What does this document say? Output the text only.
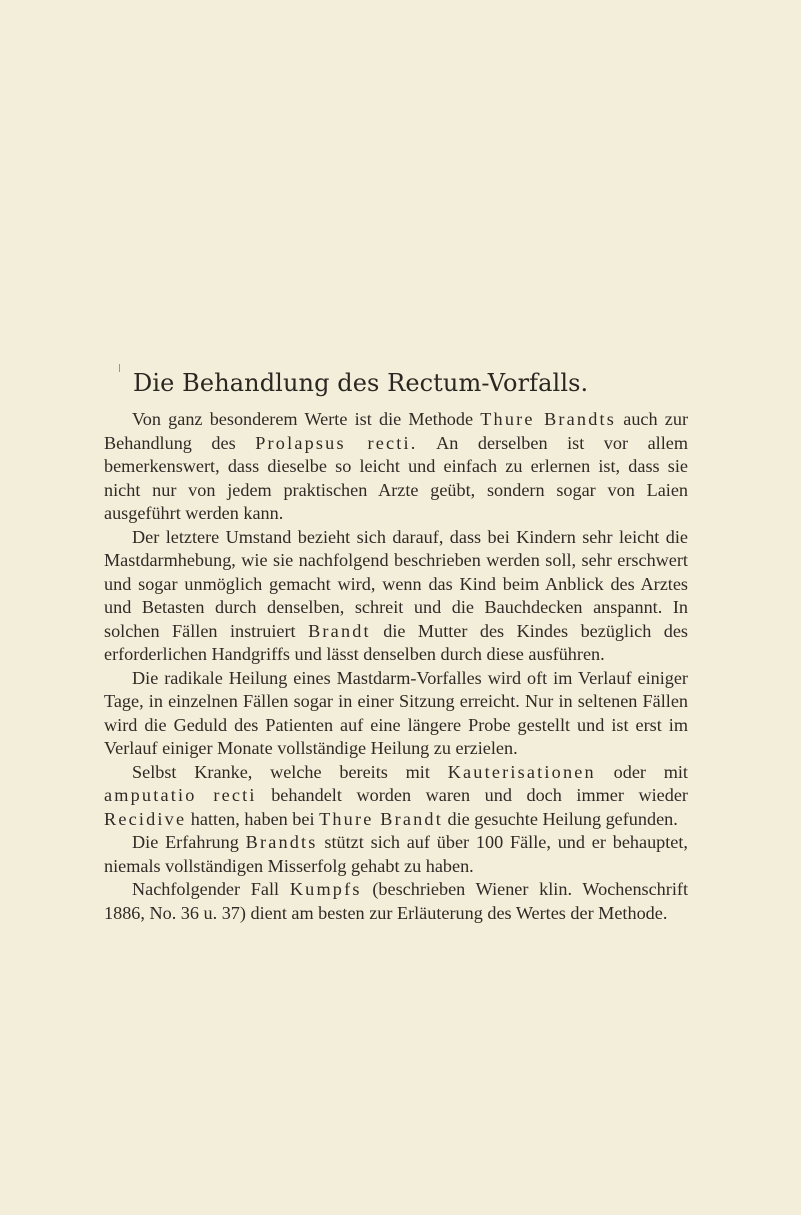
Die Behandlung des Rectum-Vorfalls.

Von ganz besonderem Werte ist die Methode Thure Brandts auch zur Behandlung des Prolapsus recti. An derselben ist vor allem bemerkenswert, dass dieselbe so leicht und einfach zu erlernen ist, dass sie nicht nur von jedem praktischen Arzte geübt, sondern sogar von Laien ausgeführt werden kann.

Der letztere Umstand bezieht sich darauf, dass bei Kindern sehr leicht die Mastdarmhebung, wie sie nachfolgend beschrieben werden soll, sehr erschwert und sogar unmöglich gemacht wird, wenn das Kind beim Anblick des Arztes und Betasten durch denselben, schreit und die Bauchdecken anspannt. In solchen Fällen instruiert Brandt die Mutter des Kindes bezüglich des erforderlichen Handgriffs und lässt denselben durch diese ausführen.

Die radikale Heilung eines Mastdarm-Vorfalles wird oft im Verlauf einiger Tage, in einzelnen Fällen sogar in einer Sitzung erreicht. Nur in seltenen Fällen wird die Geduld des Patienten auf eine längere Probe gestellt und ist erst im Verlauf einiger Monate vollständige Heilung zu erzielen.

Selbst Kranke, welche bereits mit Kauterisationen oder mit amputatio recti behandelt worden waren und doch immer wieder Recidive hatten, haben bei Thure Brandt die gesuchte Heilung gefunden.

Die Erfahrung Brandts stützt sich auf über 100 Fälle, und er behauptet, niemals vollständigen Misserfolg gehabt zu haben.

Nachfolgender Fall Kumpfs (beschrieben Wiener klin. Wochenschrift 1886, No. 36 u. 37) dient am besten zur Erläuterung des Wertes der Methode.
